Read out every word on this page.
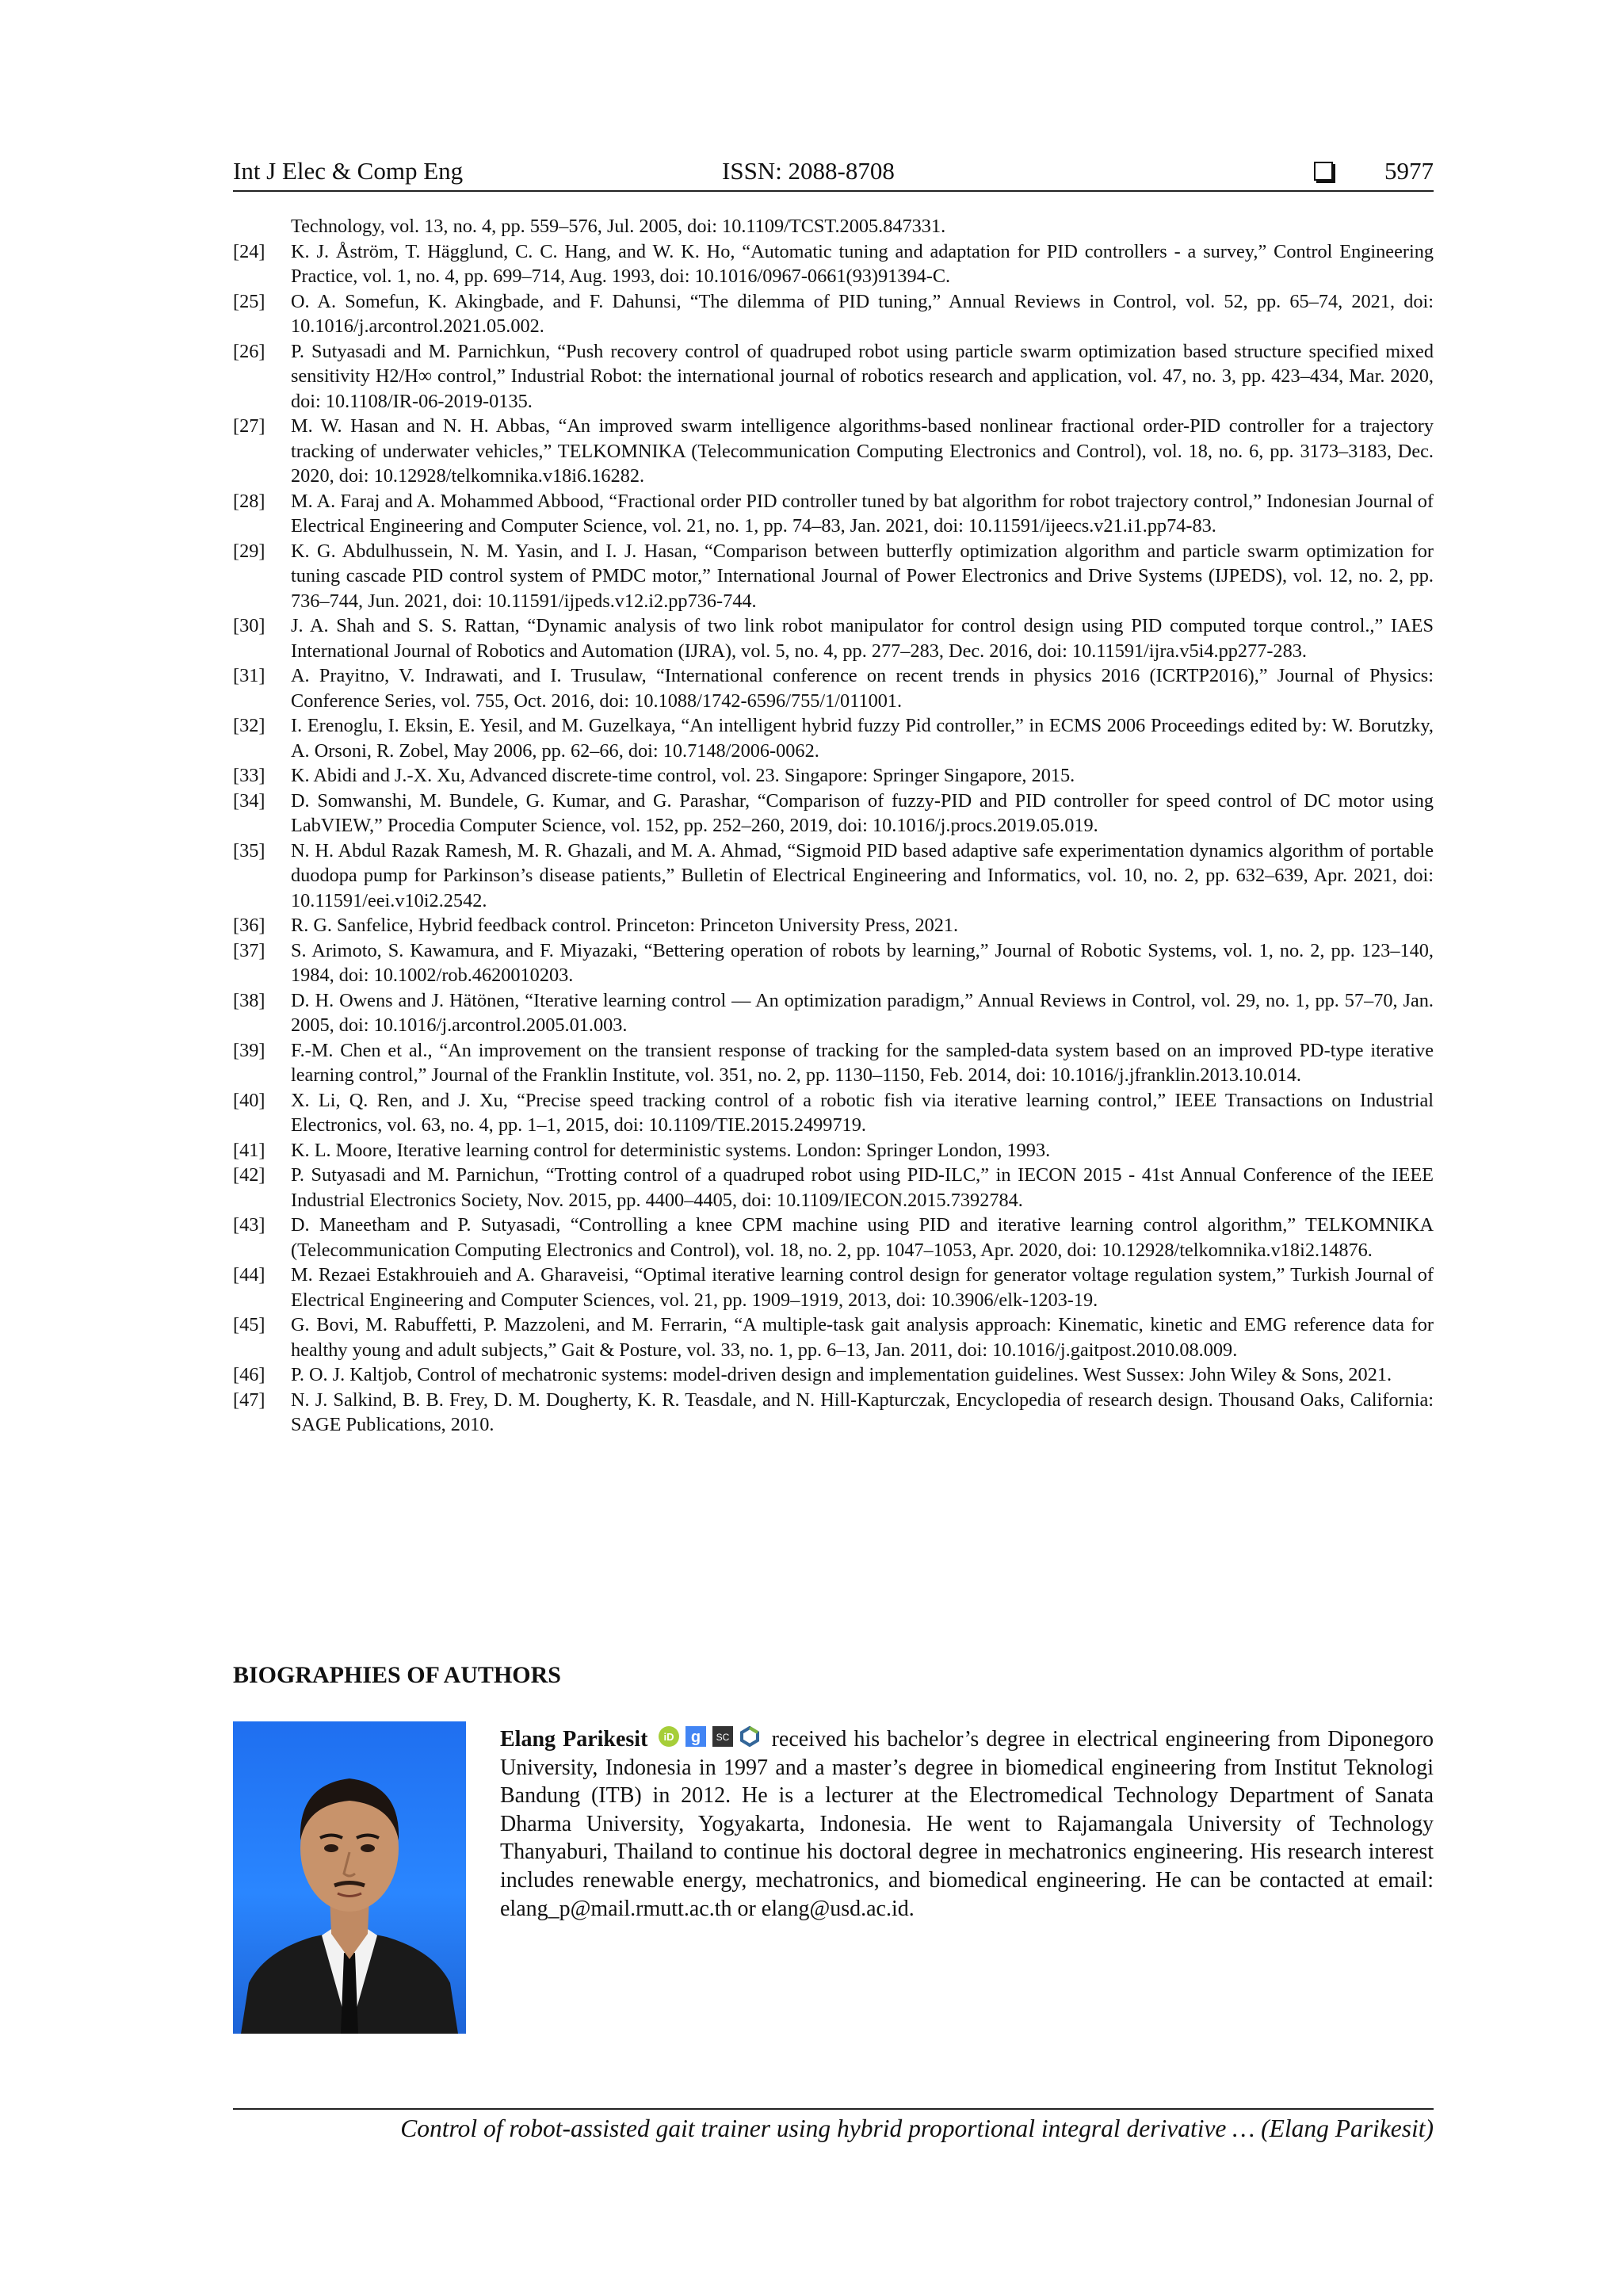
Int J Elec & Comp Eng	ISSN: 2088-8708	5977
Technology, vol. 13, no. 4, pp. 559–576, Jul. 2005, doi: 10.1109/TCST.2005.847331.
[24]	K. J. Åström, T. Hägglund, C. C. Hang, and W. K. Ho, “Automatic tuning and adaptation for PID controllers - a survey,” Control Engineering Practice, vol. 1, no. 4, pp. 699–714, Aug. 1993, doi: 10.1016/0967-0661(93)91394-C.
[25]	O. A. Somefun, K. Akingbade, and F. Dahunsi, “The dilemma of PID tuning,” Annual Reviews in Control, vol. 52, pp. 65–74, 2021, doi: 10.1016/j.arcontrol.2021.05.002.
[26]	P. Sutyasadi and M. Parnichkun, “Push recovery control of quadruped robot using particle swarm optimization based structure specified mixed sensitivity H2/H∞ control,” Industrial Robot: the international journal of robotics research and application, vol. 47, no. 3, pp. 423–434, Mar. 2020, doi: 10.1108/IR-06-2019-0135.
[27]	M. W. Hasan and N. H. Abbas, “An improved swarm intelligence algorithms-based nonlinear fractional order-PID controller for a trajectory tracking of underwater vehicles,” TELKOMNIKA (Telecommunication Computing Electronics and Control), vol. 18, no. 6, pp. 3173–3183, Dec. 2020, doi: 10.12928/telkomnika.v18i6.16282.
[28]	M. A. Faraj and A. Mohammed Abbood, “Fractional order PID controller tuned by bat algorithm for robot trajectory control,” Indonesian Journal of Electrical Engineering and Computer Science, vol. 21, no. 1, pp. 74–83, Jan. 2021, doi: 10.11591/ijeecs.v21.i1.pp74-83.
[29]	K. G. Abdulhussein, N. M. Yasin, and I. J. Hasan, “Comparison between butterfly optimization algorithm and particle swarm optimization for tuning cascade PID control system of PMDC motor,” International Journal of Power Electronics and Drive Systems (IJPEDS), vol. 12, no. 2, pp. 736–744, Jun. 2021, doi: 10.11591/ijpeds.v12.i2.pp736-744.
[30]	J. A. Shah and S. S. Rattan, “Dynamic analysis of two link robot manipulator for control design using PID computed torque control.,” IAES International Journal of Robotics and Automation (IJRA), vol. 5, no. 4, pp. 277–283, Dec. 2016, doi: 10.11591/ijra.v5i4.pp277-283.
[31]	A. Prayitno, V. Indrawati, and I. Trusulaw, “International conference on recent trends in physics 2016 (ICRTP2016),” Journal of Physics: Conference Series, vol. 755, Oct. 2016, doi: 10.1088/1742-6596/755/1/011001.
[32]	I. Erenoglu, I. Eksin, E. Yesil, and M. Guzelkaya, “An intelligent hybrid fuzzy Pid controller,” in ECMS 2006 Proceedings edited by: W. Borutzky, A. Orsoni, R. Zobel, May 2006, pp. 62–66, doi: 10.7148/2006-0062.
[33]	K. Abidi and J.-X. Xu, Advanced discrete-time control, vol. 23. Singapore: Springer Singapore, 2015.
[34]	D. Somwanshi, M. Bundele, G. Kumar, and G. Parashar, “Comparison of fuzzy-PID and PID controller for speed control of DC motor using LabVIEW,” Procedia Computer Science, vol. 152, pp. 252–260, 2019, doi: 10.1016/j.procs.2019.05.019.
[35]	N. H. Abdul Razak Ramesh, M. R. Ghazali, and M. A. Ahmad, “Sigmoid PID based adaptive safe experimentation dynamics algorithm of portable duodopa pump for Parkinson’s disease patients,” Bulletin of Electrical Engineering and Informatics, vol. 10, no. 2, pp. 632–639, Apr. 2021, doi: 10.11591/eei.v10i2.2542.
[36]	R. G. Sanfelice, Hybrid feedback control. Princeton: Princeton University Press, 2021.
[37]	S. Arimoto, S. Kawamura, and F. Miyazaki, “Bettering operation of robots by learning,” Journal of Robotic Systems, vol. 1, no. 2, pp. 123–140, 1984, doi: 10.1002/rob.4620010203.
[38]	D. H. Owens and J. Hätönen, “Iterative learning control — An optimization paradigm,” Annual Reviews in Control, vol. 29, no. 1, pp. 57–70, Jan. 2005, doi: 10.1016/j.arcontrol.2005.01.003.
[39]	F.-M. Chen et al., “An improvement on the transient response of tracking for the sampled-data system based on an improved PD-type iterative learning control,” Journal of the Franklin Institute, vol. 351, no. 2, pp. 1130–1150, Feb. 2014, doi: 10.1016/j.jfranklin.2013.10.014.
[40]	X. Li, Q. Ren, and J. Xu, “Precise speed tracking control of a robotic fish via iterative learning control,” IEEE Transactions on Industrial Electronics, vol. 63, no. 4, pp. 1–1, 2015, doi: 10.1109/TIE.2015.2499719.
[41]	K. L. Moore, Iterative learning control for deterministic systems. London: Springer London, 1993.
[42]	P. Sutyasadi and M. Parnichun, “Trotting control of a quadruped robot using PID-ILC,” in IECON 2015 - 41st Annual Conference of the IEEE Industrial Electronics Society, Nov. 2015, pp. 4400–4405, doi: 10.1109/IECON.2015.7392784.
[43]	D. Maneetham and P. Sutyasadi, “Controlling a knee CPM machine using PID and iterative learning control algorithm,” TELKOMNIKA (Telecommunication Computing Electronics and Control), vol. 18, no. 2, pp. 1047–1053, Apr. 2020, doi: 10.12928/telkomnika.v18i2.14876.
[44]	M. Rezaei Estakhrouieh and A. Gharaveisi, “Optimal iterative learning control design for generator voltage regulation system,” Turkish Journal of Electrical Engineering and Computer Sciences, vol. 21, pp. 1909–1919, 2013, doi: 10.3906/elk-1203-19.
[45]	G. Bovi, M. Rabuffetti, P. Mazzoleni, and M. Ferrarin, “A multiple-task gait analysis approach: Kinematic, kinetic and EMG reference data for healthy young and adult subjects,” Gait & Posture, vol. 33, no. 1, pp. 6–13, Jan. 2011, doi: 10.1016/j.gaitpost.2010.08.009.
[46]	P. O. J. Kaltjob, Control of mechatronic systems: model-driven design and implementation guidelines. West Sussex: John Wiley & Sons, 2021.
[47]	N. J. Salkind, B. B. Frey, D. M. Dougherty, K. R. Teasdale, and N. Hill-Kapturczak, Encyclopedia of research design. Thousand Oaks, California: SAGE Publications, 2010.
BIOGRAPHIES OF AUTHORS
Elang Parikesit iD g SC received his bachelor’s degree in electrical engineering from Diponegoro University, Indonesia in 1997 and a master’s degree in biomedical engineering from Institut Teknologi Bandung (ITB) in 2012. He is a lecturer at the Electromedical Technology Department of Sanata Dharma University, Yogyakarta, Indonesia. He went to Rajamangala University of Technology Thanyaburi, Thailand to continue his doctoral degree in mechatronics engineering. His research interest includes renewable energy, mechatronics, and biomedical engineering. He can be contacted at email: elang_p@mail.rmutt.ac.th or elang@usd.ac.id.
Control of robot-assisted gait trainer using hybrid proportional integral derivative … (Elang Parikesit)
